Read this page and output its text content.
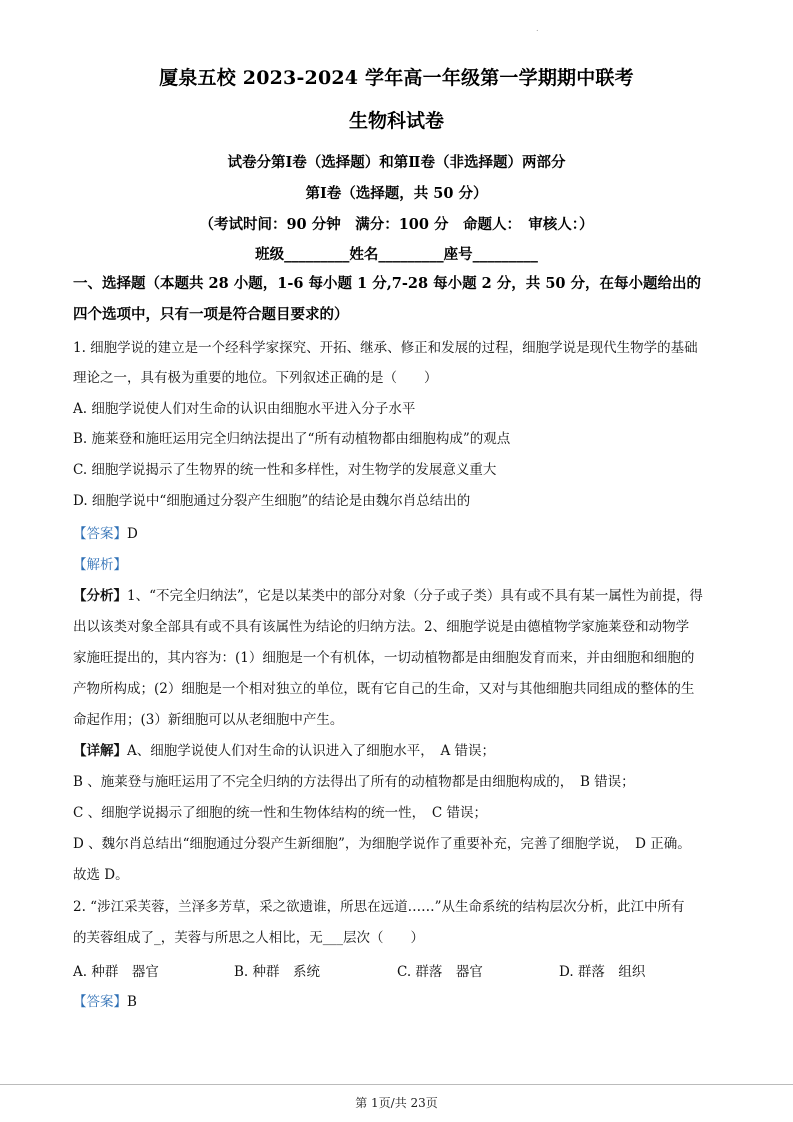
.
厦泉五校 2023-2024 学年高一年级第一学期期中联考
生物科试卷
试卷分第Ⅰ卷（选择题）和第Ⅱ卷（非选择题）两部分
第Ⅰ卷（选择题，共 50 分）
（考试时间：90 分钟　满分：100 分　命题人：　审核人：）
班级_________姓名_________座号_________
一、选择题（本题共 28 小题，1-6 每小题 1 分,7-28 每小题 2 分，共 50 分，在每小题给出的
四个选项中，只有一项是符合题目要求的）
1. 细胞学说的建立是一个经科学家探究、开拓、继承、修正和发展的过程，细胞学说是现代生物学的基础
理论之一，具有极为重要的地位。下列叙述正确的是（　　）
A. 细胞学说使人们对生命的认识由细胞水平进入分子水平
B. 施莱登和施旺运用完全归纳法提出了“所有动植物都由细胞构成”的观点
C. 细胞学说揭示了生物界的统一性和多样性，对生物学的发展意义重大
D. 细胞学说中“细胞通过分裂产生细胞”的结论是由魏尔肖总结出的
【答案】D
【解析】
【分析】1、“不完全归纳法”，它是以某类中的部分对象（分子或子类）具有或不具有某一属性为前提，得
出以该类对象全部具有或不具有该属性为结论的归纳方法。2、细胞学说是由德植物学家施莱登和动物学
家施旺提出的，其内容为：(1）细胞是一个有机体，一切动植物都是由细胞发育而来，并由细胞和细胞的
产物所构成；(2）细胞是一个相对独立的单位，既有它自己的生命，又对与其他细胞共同组成的整体的生
命起作用；(3）新细胞可以从老细胞中产生。
【详解】A、细胞学说使人们对生命的认识进入了细胞水平，　A 错误；
B 、施莱登与施旺运用了不完全归纳的方法得出了所有的动植物都是由细胞构成的，　B 错误；
C 、细胞学说揭示了细胞的统一性和生物体结构的统一性，　C 错误；
D 、魏尔肖总结出“细胞通过分裂产生新细胞”，为细胞学说作了重要补充，完善了细胞学说，　D 正确。
故选 D。
2. “涉江采芙蓉，兰泽多芳草，采之欲遗谁，所思在远道……”从生命系统的结构层次分析，此江中所有
的芙蓉组成了_，芙蓉与所思之人相比，无___层次（　　）
A. 种群　器官	B. 种群　系统	C. 群落　器官	D. 群落　组织
【答案】B
第 1页/共 23页
